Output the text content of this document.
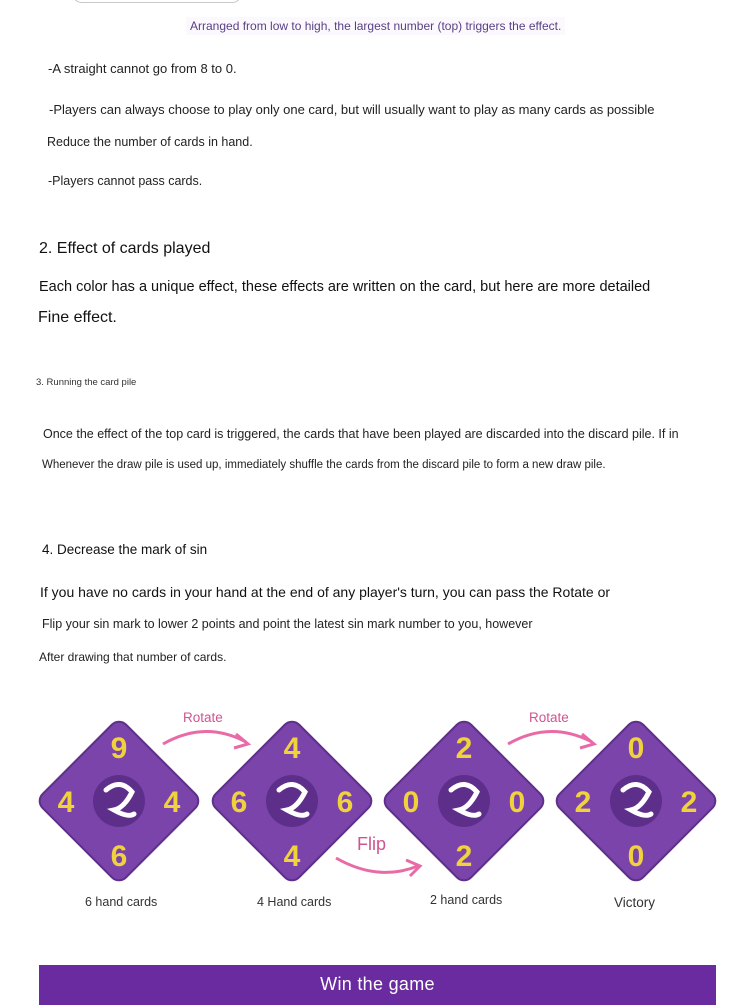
Arranged from low to high, the largest number (top) triggers the effect.
-A straight cannot go from 8 to 0.
-Players can always choose to play only one card, but will usually want to play as many cards as possible
Reduce the number of cards in hand.
-Players cannot pass cards.
2. Effect of cards played
Each color has a unique effect, these effects are written on the card, but here are more detailed
Fine effect.
3. Running the card pile
Once the effect of the top card is triggered, the cards that have been played are discarded into the discard pile. If in
Whenever the draw pile is used up, immediately shuffle the cards from the discard pile to form a new draw pile.
4. Decrease the mark of sin
If you have no cards in your hand at the end of any player's turn, you can pass the Rotate or
Flip your sin mark to lower 2 points and point the latest sin mark number to you, however
After drawing that number of cards.
Rotate	Rotate
Flip
9
6
4	4
4
4
6	6
2
2
0	0
0
0
2	2
6 hand cards	4 Hand cards	2 hand cards	Victory
Win the game
